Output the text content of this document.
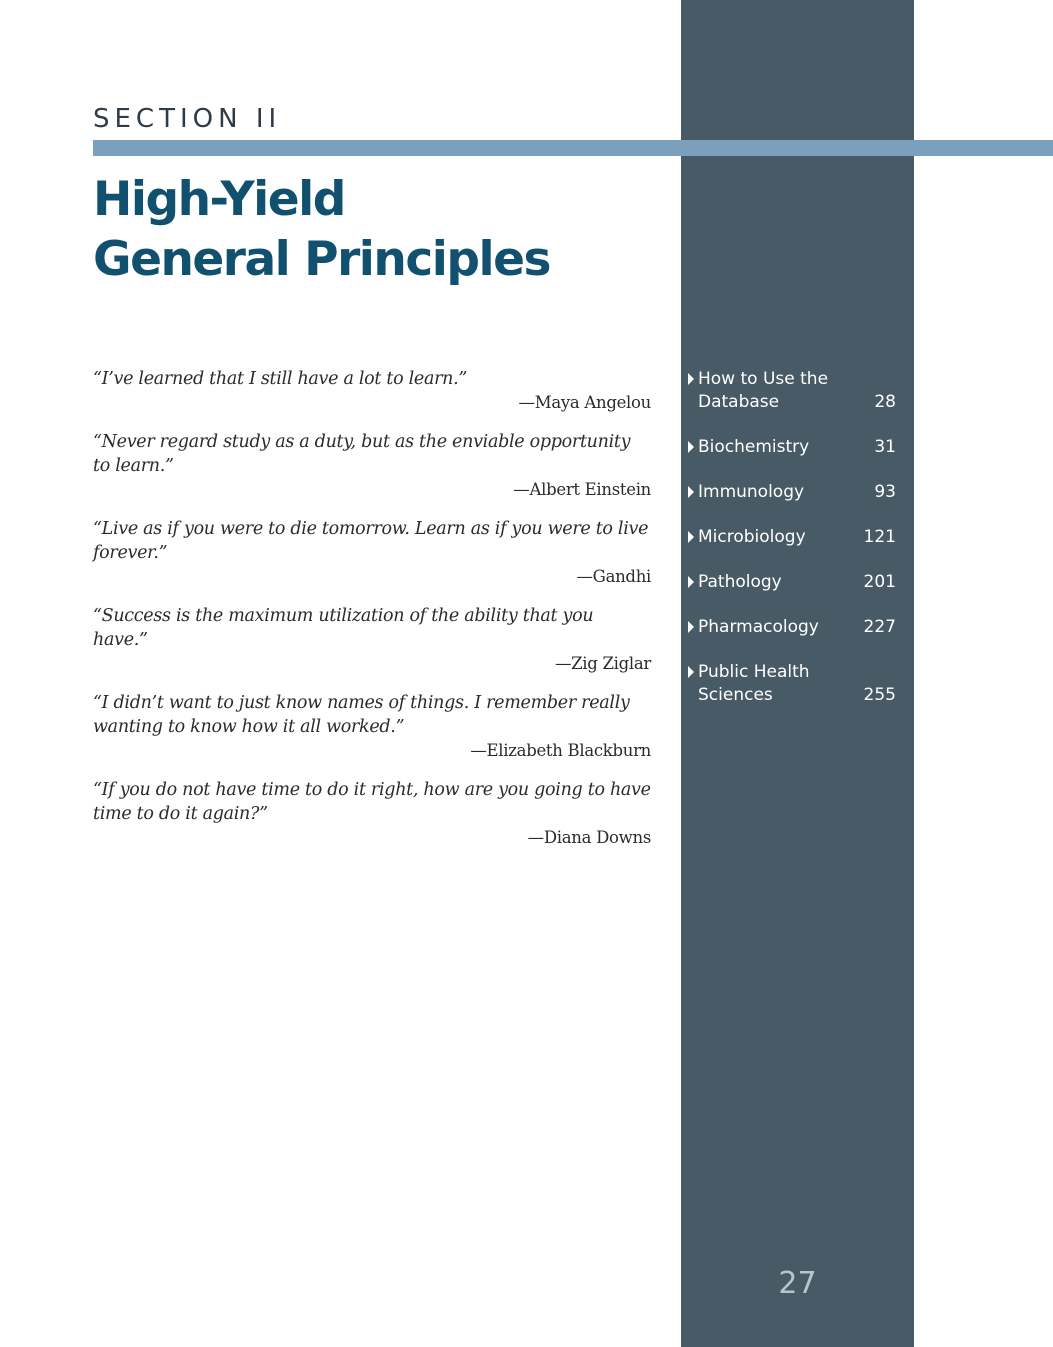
SECTION II
High-Yield
General Principles
“I’ve learned that I still have a lot to learn.”
—Maya Angelou
“Never regard study as a duty, but as the enviable opportunity to learn.”
—Albert Einstein
“Live as if you were to die tomorrow. Learn as if you were to live forever.”
—Gandhi
“Success is the maximum utilization of the ability that you have.”
—Zig Ziglar
“I didn’t want to just know names of things. I remember really wanting to know how it all worked.”
—Elizabeth Blackburn
“If you do not have time to do it right, how are you going to have time to do it again?”
—Diana Downs
How to Use the
Database	28
Biochemistry	31
Immunology	93
Microbiology	121
Pathology	201
Pharmacology	227
Public Health
Sciences	255
27
